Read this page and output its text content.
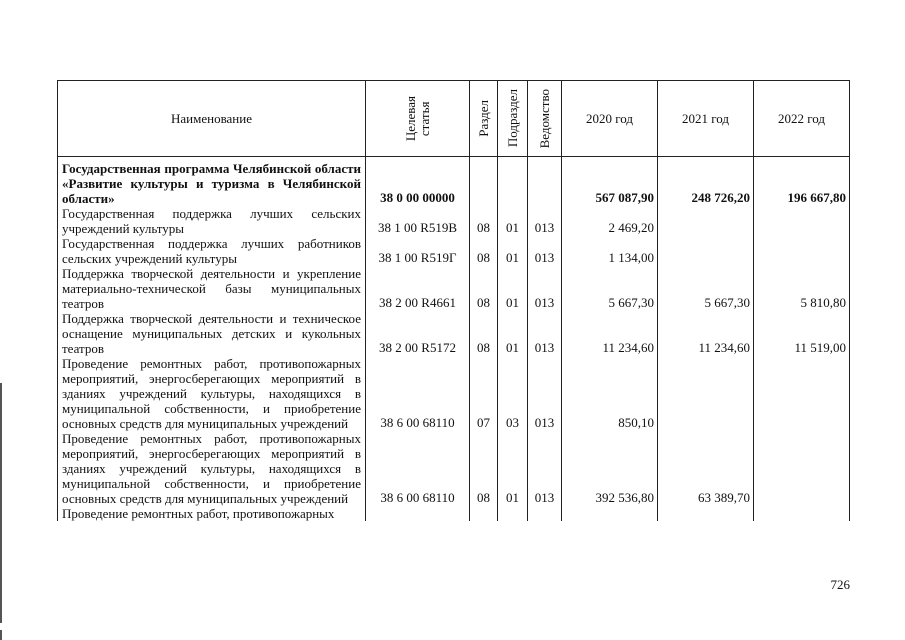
Наименование	Целевая
статья	Раздел	Подраздел	Ведомство	2020 год	2021 год	2022 год
Государственная программа Челябинской области «Развитие культуры и туризма в Челябинской области»	38 0 00 00000				567 087,90	248 726,20	196 667,80
Государственная поддержка лучших сельских учреждений культуры	38 1 00 R519В	08	01	013	2 469,20		
Государственная поддержка лучших работников сельских учреждений культуры	38 1 00 R519Г	08	01	013	1 134,00		
Поддержка творческой деятельности и укрепление материально-технической базы муниципальных театров	38 2 00 R4661	08	01	013	5 667,30	5 667,30	5 810,80
Поддержка творческой деятельности и техническое оснащение муниципальных детских и кукольных театров	38 2 00 R5172	08	01	013	11 234,60	11 234,60	11 519,00
Проведение ремонтных работ, противопожарных мероприятий, энергосберегающих мероприятий в зданиях учреждений культуры, находящихся в муниципальной собственности, и приобретение основных средств для муниципальных учреждений	38 6 00 68110	07	03	013	850,10		
Проведение ремонтных работ, противопожарных мероприятий, энергосберегающих мероприятий в зданиях учреждений культуры, находящихся в муниципальной собственности, и приобретение основных средств для муниципальных учреждений	38 6 00 68110	08	01	013	392 536,80	63 389,70	
Проведение ремонтных работ, противопожарных							
726
